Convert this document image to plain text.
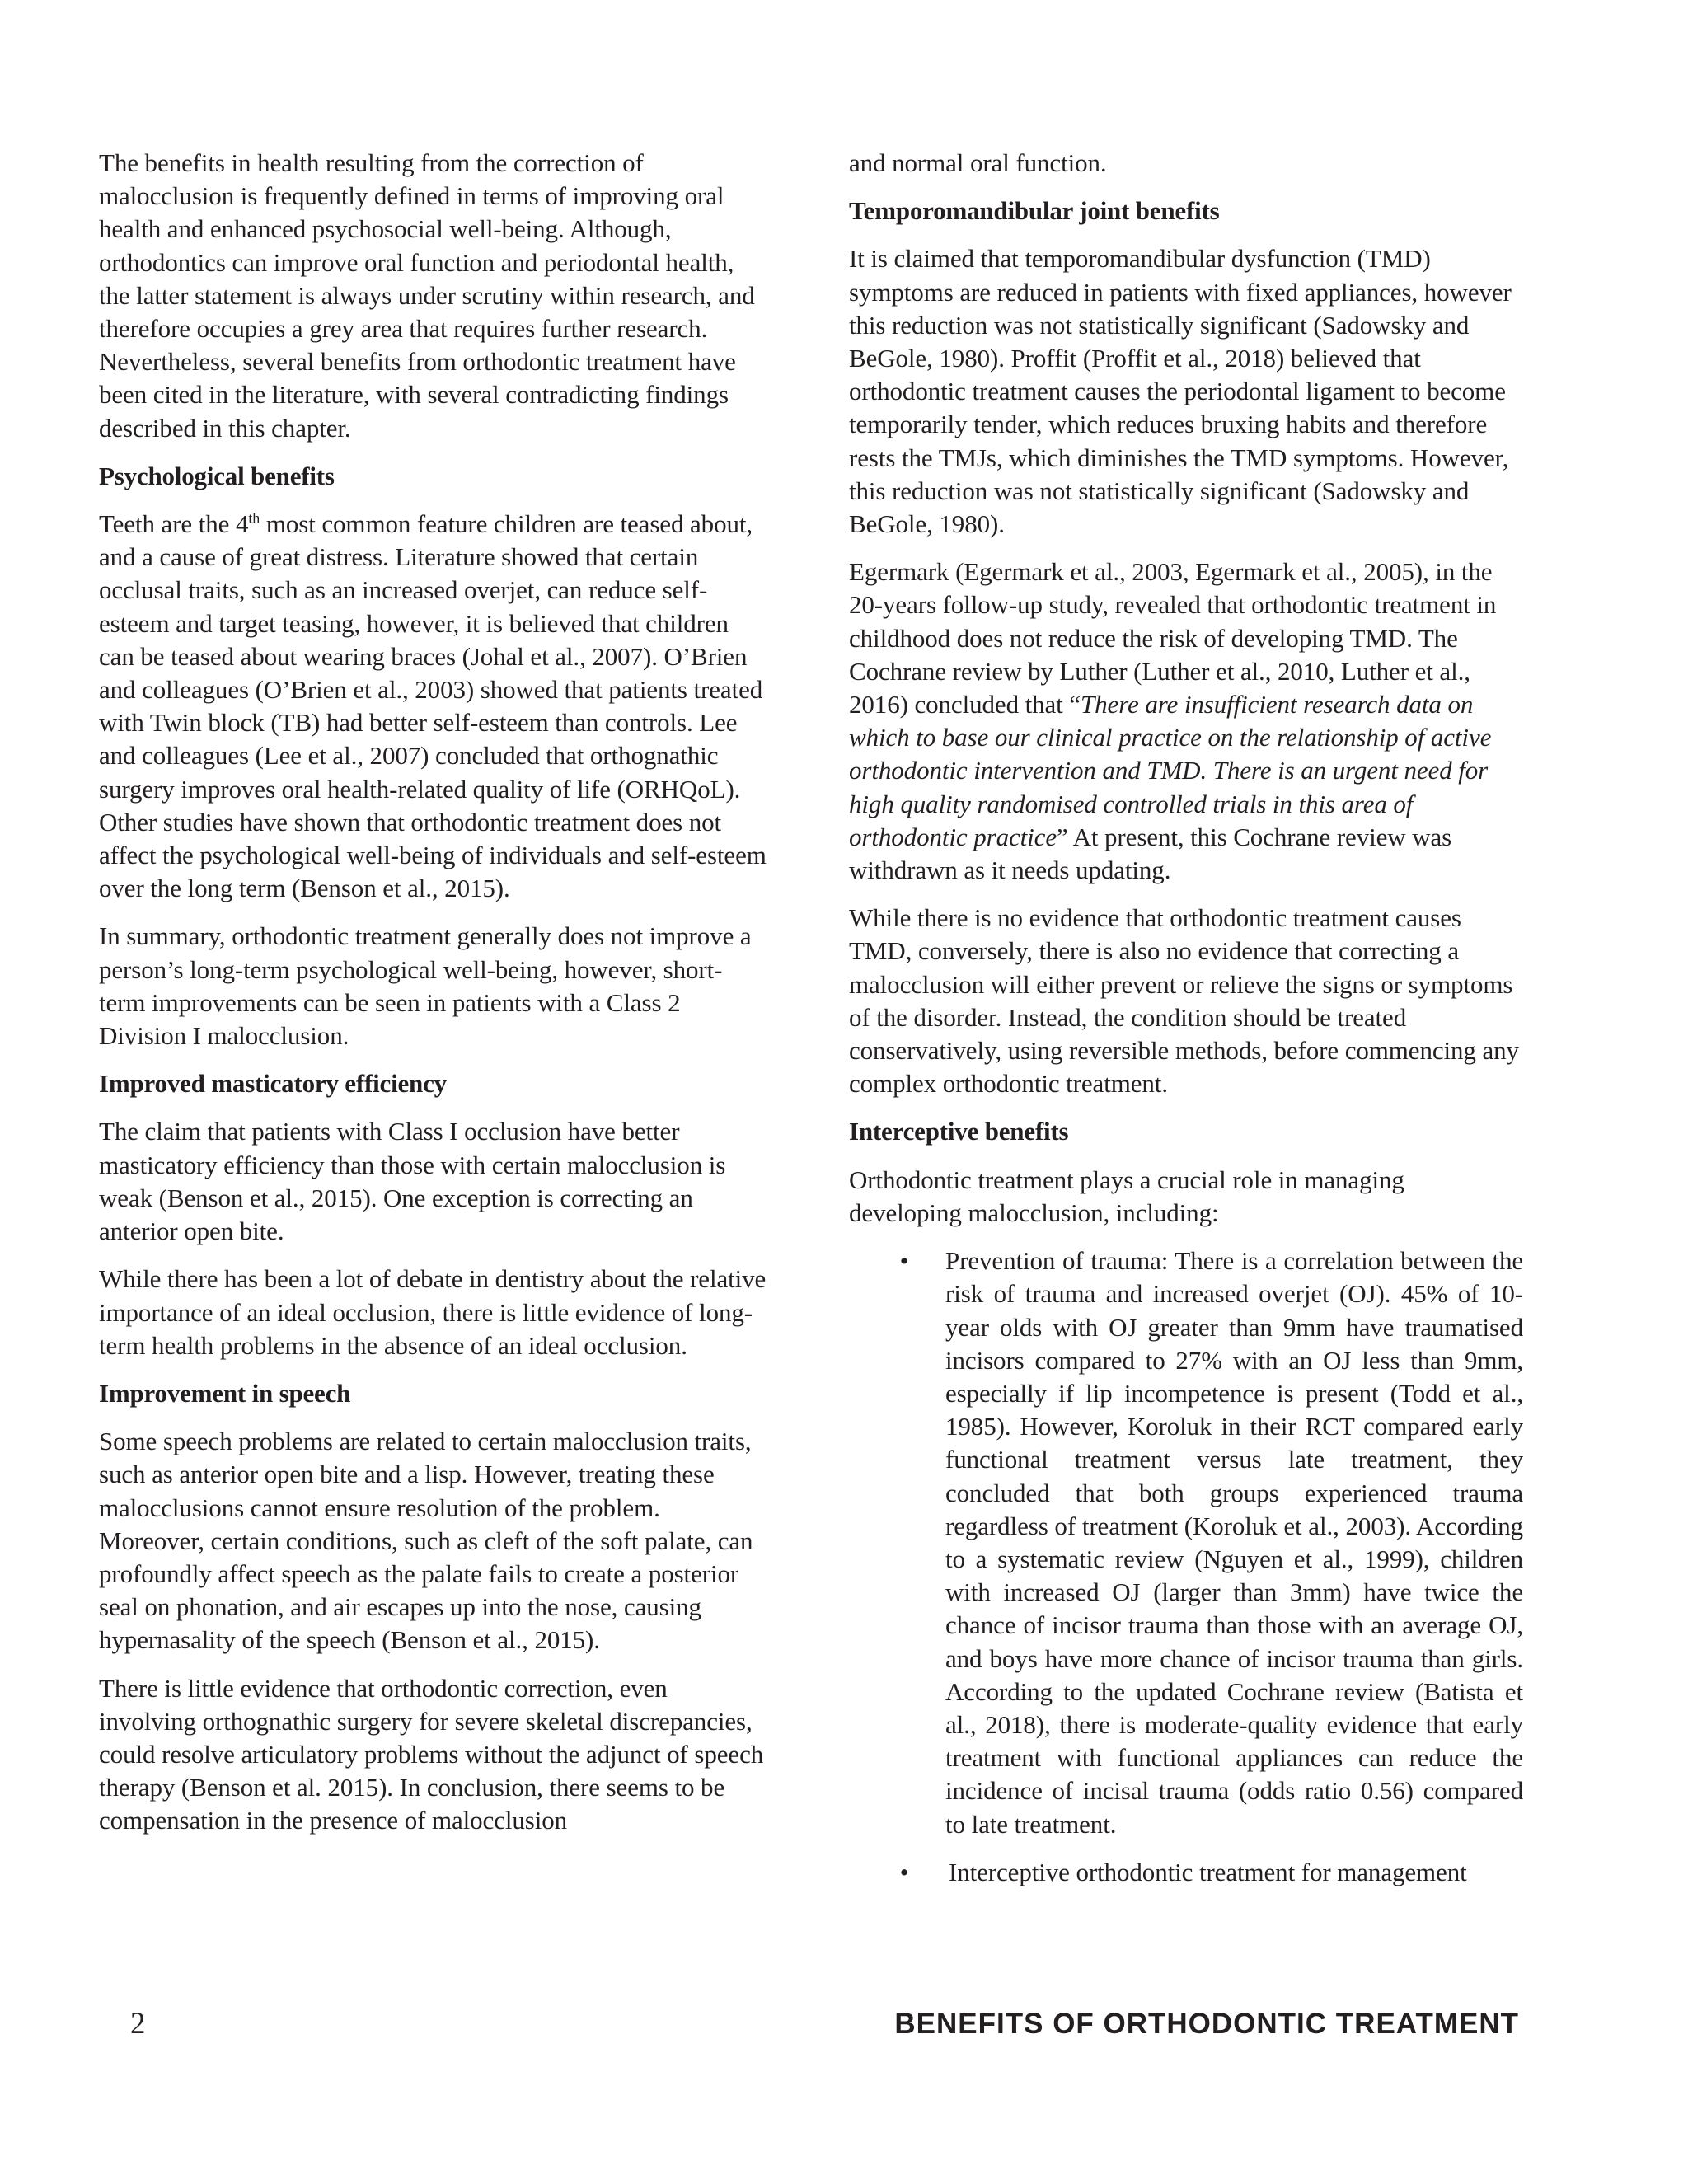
The benefits in health resulting from the correction of malocclusion is frequently defined in terms of improving oral health and enhanced psychosocial well-being. Although, orthodontics can improve oral function and periodontal health, the latter statement is always under scrutiny within research, and therefore occupies a grey area that requires further research. Nevertheless, several benefits from orthodontic treatment have been cited in the literature, with several contradicting findings described in this chapter.

Psychological benefits

Teeth are the 4th most common feature children are teased about, and a cause of great distress. Literature showed that certain occlusal traits, such as an increased overjet, can reduce self-esteem and target teasing, however, it is believed that children can be teased about wearing braces (Johal et al., 2007). O’Brien and colleagues (O’Brien et al., 2003) showed that patients treated with Twin block (TB) had better self-esteem than controls. Lee and colleagues (Lee et al., 2007) concluded that orthognathic surgery improves oral health-related quality of life (ORHQoL). Other studies have shown that orthodontic treatment does not affect the psychological well-being of individuals and self-esteem over the long term (Benson et al., 2015).

In summary, orthodontic treatment generally does not improve a person’s long-term psychological well-being, however, short-term improvements can be seen in patients with a Class 2 Division I malocclusion.

Improved masticatory efficiency

The claim that patients with Class I occlusion have better masticatory efficiency than those with certain malocclusion is weak (Benson et al., 2015). One exception is correcting an anterior open bite.

While there has been a lot of debate in dentistry about the relative importance of an ideal occlusion, there is little evidence of long-term health problems in the absence of an ideal occlusion.

Improvement in speech

Some speech problems are related to certain malocclusion traits, such as anterior open bite and a lisp. However, treating these malocclusions cannot ensure resolution of the problem. Moreover, certain conditions, such as cleft of the soft palate, can profoundly affect speech as the palate fails to create a posterior seal on phonation, and air escapes up into the nose, causing hypernasality of the speech (Benson et al., 2015).

There is little evidence that orthodontic correction, even involving orthognathic surgery for severe skeletal discrepancies, could resolve articulatory problems without the adjunct of speech therapy (Benson et al. 2015). In conclusion, there seems to be compensation in the presence of malocclusion

and normal oral function.

Temporomandibular joint benefits

It is claimed that temporomandibular dysfunction (TMD) symptoms are reduced in patients with fixed appliances, however this reduction was not statistically significant (Sadowsky and BeGole, 1980). Proffit (Proffit et al., 2018) believed that orthodontic treatment causes the periodontal ligament to become temporarily tender, which reduces bruxing habits and therefore rests the TMJs, which diminishes the TMD symptoms. However, this reduction was not statistically significant (Sadowsky and BeGole, 1980).

Egermark (Egermark et al., 2003, Egermark et al., 2005), in the 20-years follow-up study, revealed that orthodontic treatment in childhood does not reduce the risk of developing TMD. The Cochrane review by Luther (Luther et al., 2010, Luther et al., 2016) concluded that “There are insufficient research data on which to base our clinical practice on the relationship of active orthodontic intervention and TMD. There is an urgent need for high quality randomised controlled trials in this area of orthodontic practice” At present, this Cochrane review was withdrawn as it needs updating.

While there is no evidence that orthodontic treatment causes TMD, conversely, there is also no evidence that correcting a malocclusion will either prevent or relieve the signs or symptoms of the disorder. Instead, the condition should be treated conservatively, using reversible methods, before commencing any complex orthodontic treatment.

Interceptive benefits

Orthodontic treatment plays a crucial role in managing developing malocclusion, including:

• Prevention of trauma: There is a correlation between the risk of trauma and increased overjet (OJ). 45% of 10-year olds with OJ greater than 9mm have traumatised incisors compared to 27% with an OJ less than 9mm, especially if lip incompetence is present (Todd et al., 1985). However, Koroluk in their RCT compared early functional treatment versus late treatment, they concluded that both groups experienced trauma regardless of treatment (Koroluk et al., 2003). According to a systematic review (Nguyen et al., 1999), children with increased OJ (larger than 3mm) have twice the chance of incisor trauma than those with an average OJ, and boys have more chance of incisor trauma than girls. According to the updated Cochrane review (Batista et al., 2018), there is moderate-quality evidence that early treatment with functional appliances can reduce the incidence of incisal trauma (odds ratio 0.56) compared to late treatment.
• Interceptive orthodontic treatment for management
2	BENEFITS OF ORTHODONTIC TREATMENT
